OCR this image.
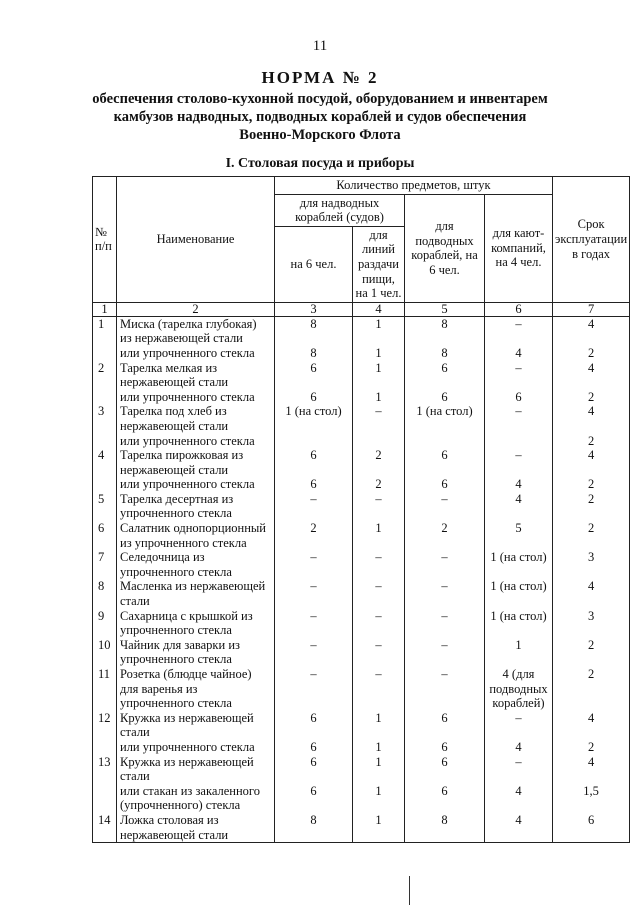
11
НОРМА № 2
обеспечения столово-кухонной посудой, оборудованием и инвентарем
камбузов надводных, подводных кораблей и судов обеспечения
Военно-Морского Флота
I. Столовая посуда и приборы
№ п/п	Наименование	Количество предметов, штук				Срок эксплуатации в годах
		для надводных кораблей (судов)		для подводных кораблей, на 6 чел.	для кают-компаний, на 4 чел.	
		на 6 чел.	для линий раздачи пищи, на 1 чел.			
1	2	3	4	5	6	7
1	Миска (тарелка глубокая) из нержавеющей стали	8	1	8	–	4
	или упрочненного стекла	8	1	8	4	2
2	Тарелка мелкая из нержавеющей стали	6	1	6	–	4
	или упрочненного стекла	6	1	6	6	2
3	Тарелка под хлеб из нержавеющей стали	1 (на стол)	–	1 (на стол)	–	4
	или упрочненного стекла					2
4	Тарелка пирожковая из нержавеющей стали	6	2	6	–	4
	или упрочненного стекла	6	2	6	4	2
5	Тарелка десертная из упрочненного стекла	–	–	–	4	2
6	Салатник однопорционный из упрочненного стекла	2	1	2	5	2
7	Селедочница из упрочненного стекла	–	–	–	1 (на стол)	3
8	Масленка из нержавеющей стали	–	–	–	1 (на стол)	4
9	Сахарница с крышкой из упрочненного стекла	–	–	–	1 (на стол)	3
10	Чайник для заварки из упрочненного стекла	–	–	–	1	2
11	Розетка (блюдце чайное) для варенья из упрочненного стекла	–	–	–	4 (для подводных кораблей)	2
12	Кружка из нержавеющей стали	6	1	6	–	4
	или упрочненного стекла	6	1	6	4	2
13	Кружка из нержавеющей стали	6	1	6	–	4
	или стакан из закаленного (упрочненного) стекла	6	1	6	4	1,5
14	Ложка столовая из нержавеющей стали	8	1	8	4	6
